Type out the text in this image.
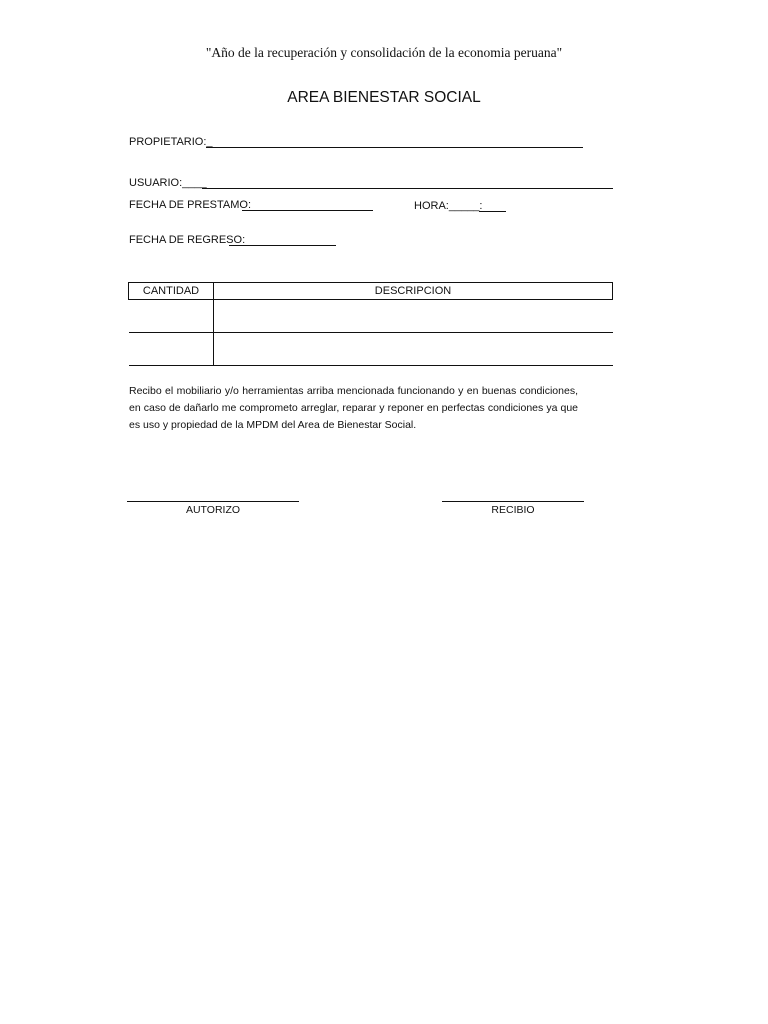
"Año de la recuperación y consolidación de la economia peruana"
AREA BIENESTAR SOCIAL
PROPIETARIO:_
USUARIO:____
FECHA DE PRESTAMO:	HORA:_____:
FECHA DE REGRESO:
CANTIDAD	DESCRIPCION

Recibo el mobiliario y/o herramientas arriba mencionada funcionando y en buenas condiciones, en caso de dañarlo me comprometo arreglar, reparar y reponer en perfectas condiciones ya que es uso y propiedad de la MPDM del Area de Bienestar Social.
AUTORIZO	RECIBIO
